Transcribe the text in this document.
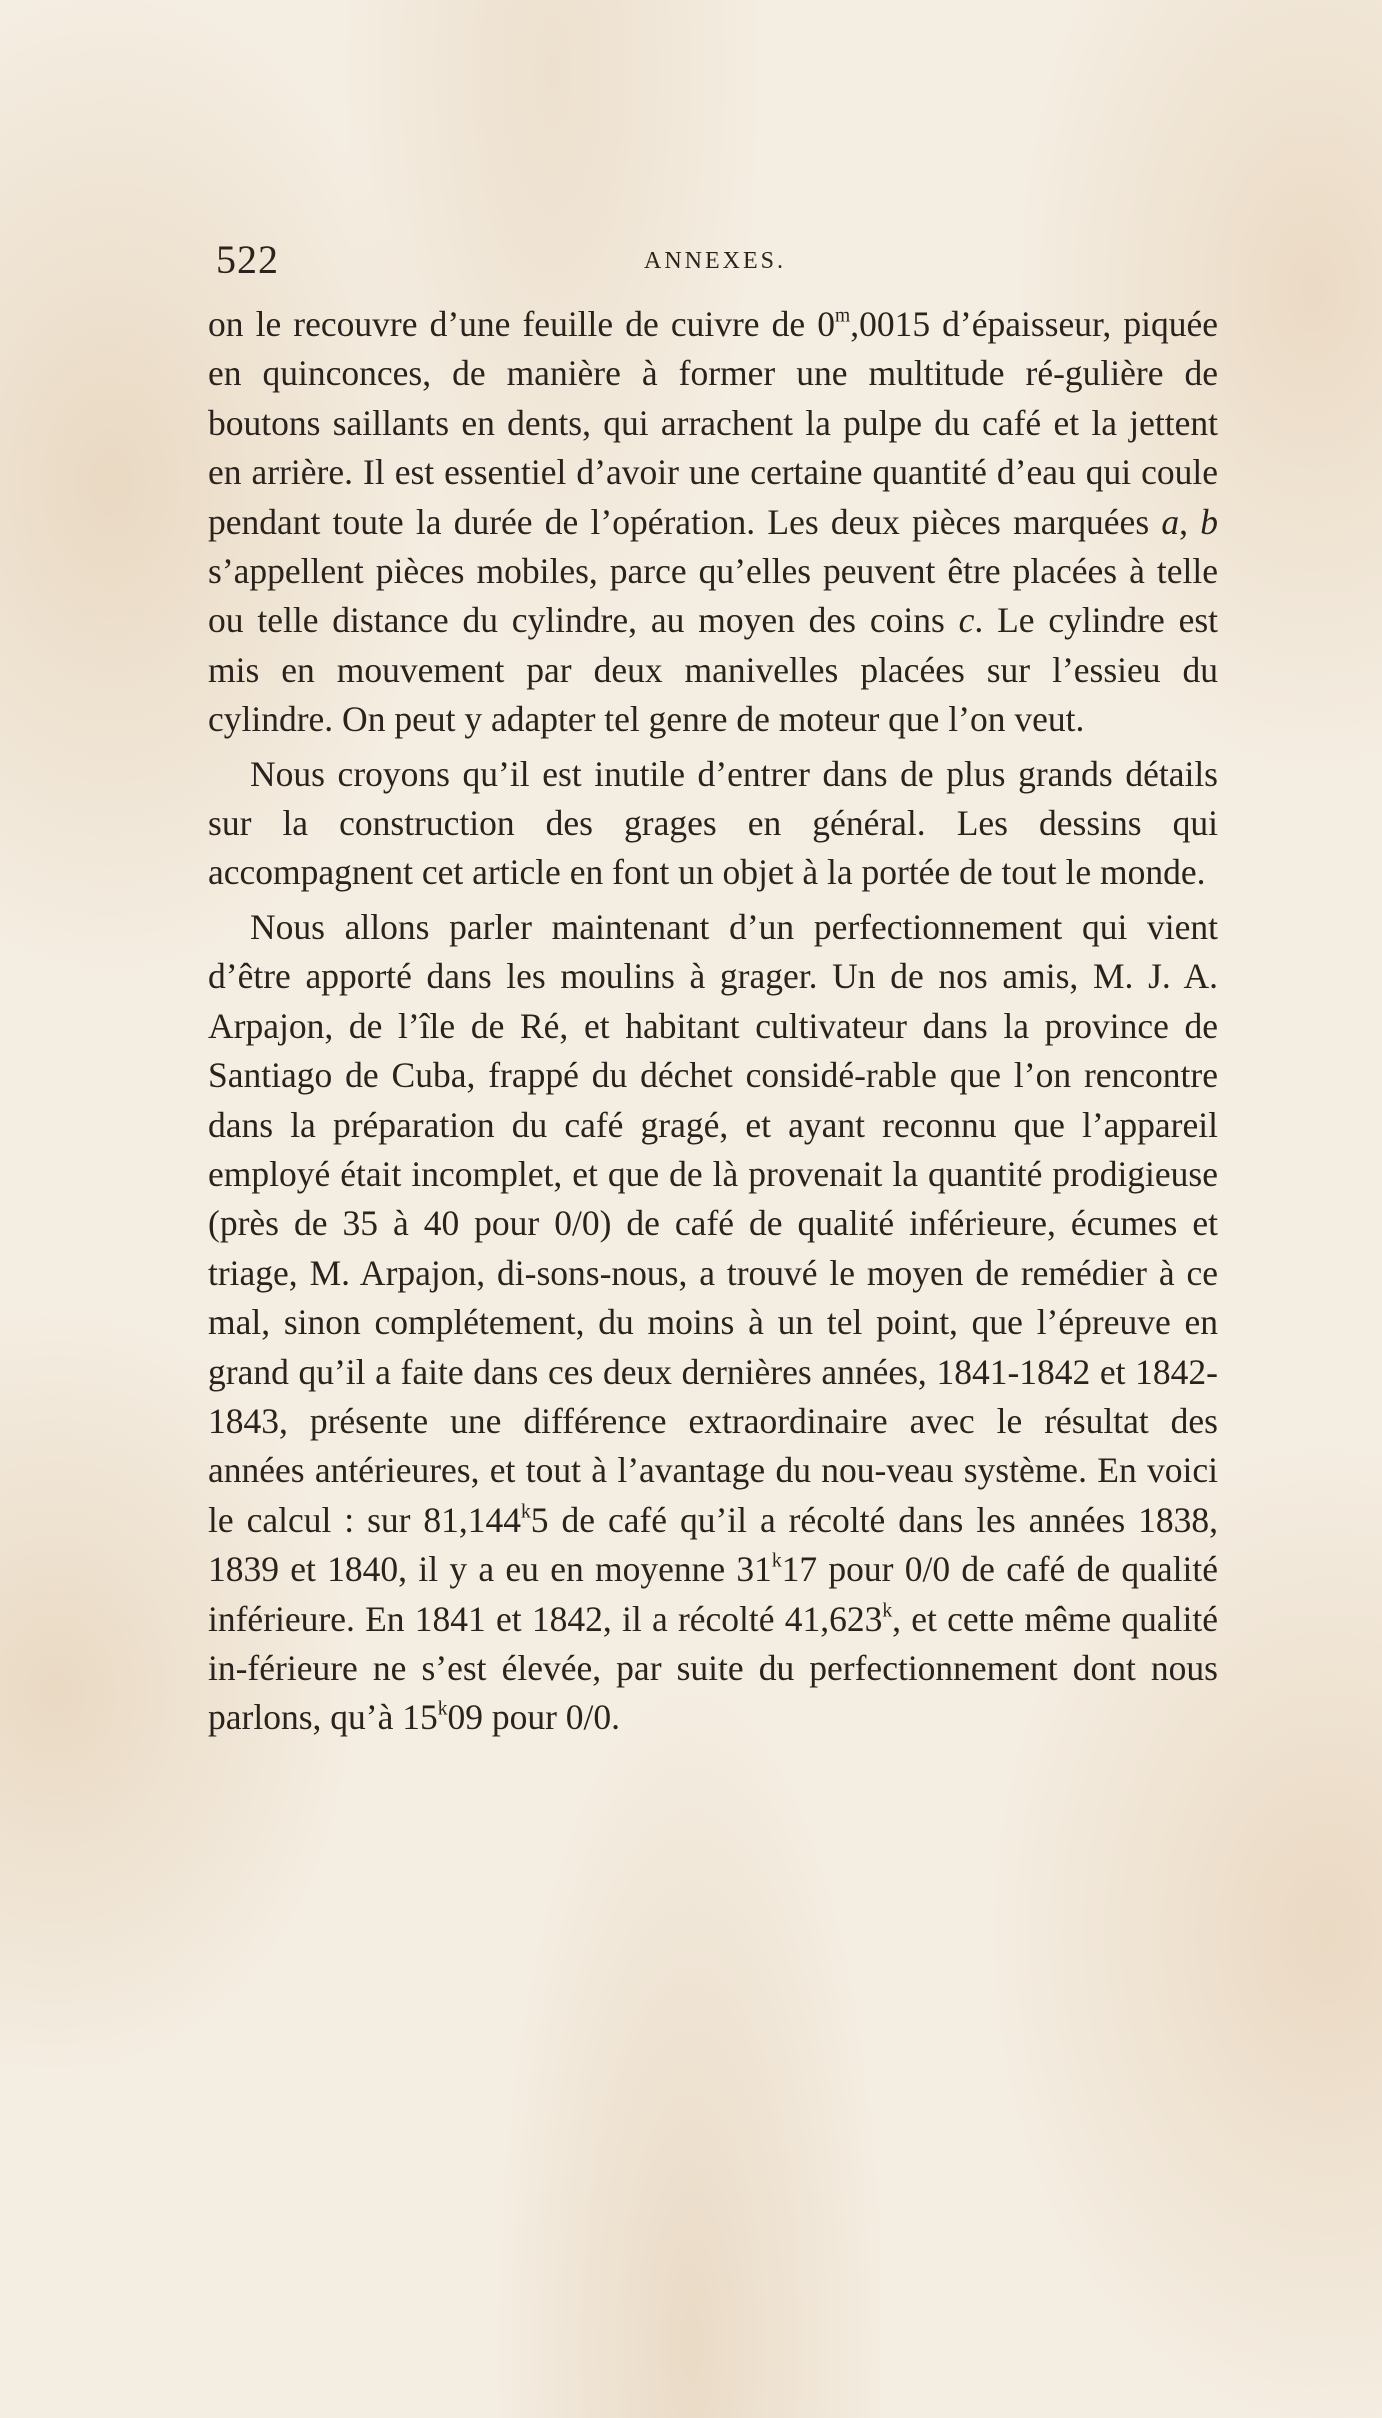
522	ANNEXES.

on le recouvre d’une feuille de cuivre de 0$^m$,0015 d’épaisseur, piquée en quinconces, de manière à former une multitude ré-gulière de boutons saillants en dents, qui arrachent la pulpe du café et la jettent en arrière. Il est essentiel d’avoir une certaine quantité d’eau qui coule pendant toute la durée de l’opération. Les deux pièces marquées a, b s’appellent pièces mobiles, parce qu’elles peuvent être placées à telle ou telle distance du cylindre, au moyen des coins c. Le cylindre est mis en mouvement par deux manivelles placées sur l’essieu du cylindre. On peut y adapter tel genre de moteur que l’on veut.

Nous croyons qu’il est inutile d’entrer dans de plus grands détails sur la construction des grages en général. Les dessins qui accompagnent cet article en font un objet à la portée de tout le monde.

Nous allons parler maintenant d’un perfectionnement qui vient d’être apporté dans les moulins à grager. Un de nos amis, M. J. A. Arpajon, de l’île de Ré, et habitant cultivateur dans la province de Santiago de Cuba, frappé du déchet considé-rable que l’on rencontre dans la préparation du café gragé, et ayant reconnu que l’appareil employé était incomplet, et que de là provenait la quantité prodigieuse (près de 35 à 40 pour 0/0) de café de qualité inférieure, écumes et triage, M. Arpajon, di-sons-nous, a trouvé le moyen de remédier à ce mal, sinon complétement, du moins à un tel point, que l’épreuve en grand qu’il a faite dans ces deux dernières années, 1841-1842 et 1842-1843, présente une différence extraordinaire avec le résultat des années antérieures, et tout à l’avantage du nou-veau système. En voici le calcul : sur 81,144$^k$5 de café qu’il a récolté dans les années 1838, 1839 et 1840, il y a eu en moyenne 31$^k$17 pour 0/0 de café de qualité inférieure. En 1841 et 1842, il a récolté 41,623$^k$, et cette même qualité in-férieure ne s’est élevée, par suite du perfectionnement dont nous parlons, qu’à 15$^k$09 pour 0/0.
